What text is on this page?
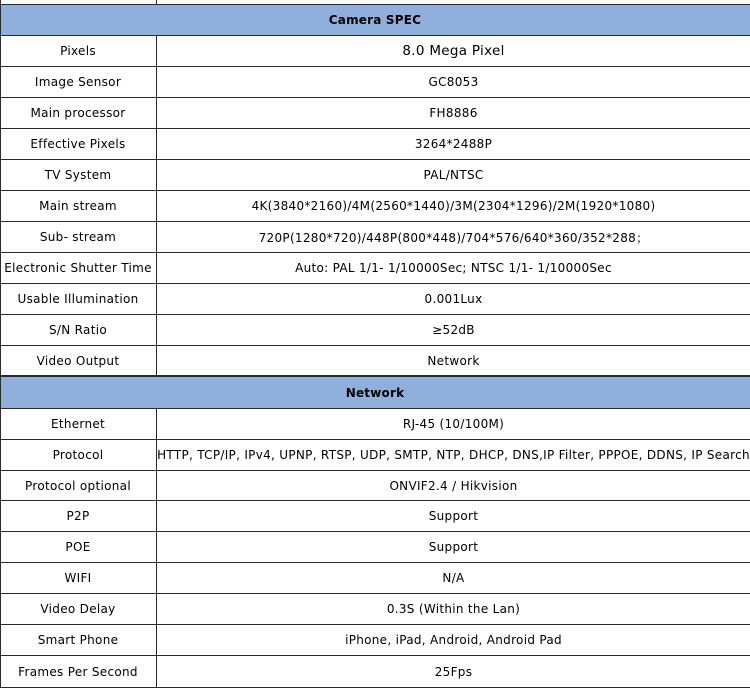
Camera SPEC
Pixels	8.0 Mega Pixel
Image Sensor	GC8053
Main processor	FH8886
Effective Pixels	3264*2488P
TV System	PAL/NTSC
Main stream	4K(3840*2160)/4M(2560*1440)/3M(2304*1296)/2M(1920*1080)
Sub- stream	720P(1280*720)/448P(800*448)/704*576/640*360/352*288；
Electronic Shutter Time	Auto: PAL 1/1- 1/10000Sec; NTSC 1/1- 1/10000Sec
Usable Illumination	0.001Lux
S/N Ratio	≥52dB
Video Output	Network
Network
Ethernet	RJ-45 (10/100M)
Protocol	HTTP, TCP/IP, IPv4, UPNP, RTSP, UDP, SMTP, NTP, DHCP, DNS,IP Filter, PPPOE, DDNS, IP Search
Protocol optional	ONVIF2.4 / Hikvision
P2P	Support
POE	Support
WIFI	N/A
Video Delay	0.3S (Within the Lan)
Smart Phone	iPhone, iPad, Android, Android Pad
Frames Per Second	25Fps
